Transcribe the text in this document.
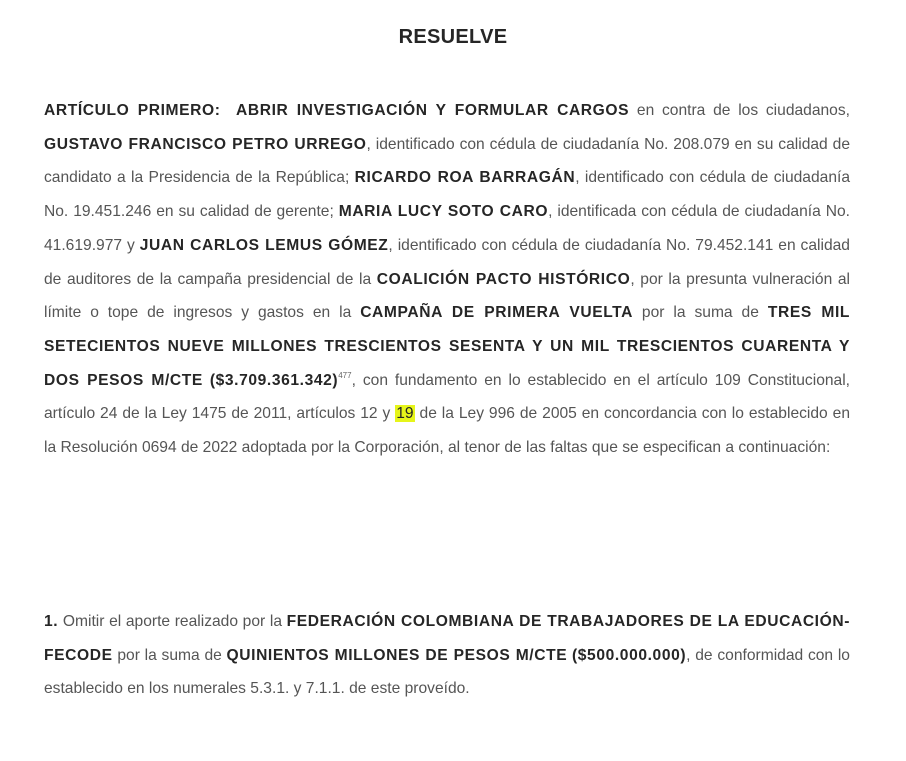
RESUELVE
ARTÍCULO PRIMERO: ABRIR INVESTIGACIÓN Y FORMULAR CARGOS en contra de los ciudadanos, GUSTAVO FRANCISCO PETRO URREGO, identificado con cédula de ciudadanía No. 208.079 en su calidad de candidato a la Presidencia de la República; RICARDO ROA BARRAGÁN, identificado con cédula de ciudadanía No. 19.451.246 en su calidad de gerente; MARIA LUCY SOTO CARO, identificada con cédula de ciudadanía No. 41.619.977 y JUAN CARLOS LEMUS GÓMEZ, identificado con cédula de ciudadanía No. 79.452.141 en calidad de auditores de la campaña presidencial de la COALICIÓN PACTO HISTÓRICO, por la presunta vulneración al límite o tope de ingresos y gastos en la CAMPAÑA DE PRIMERA VUELTA por la suma de TRES MIL SETECIENTOS NUEVE MILLONES TRESCIENTOS SESENTA Y UN MIL TRESCIENTOS CUARENTA Y DOS PESOS M/CTE ($3.709.361.342)$^{477}$, con fundamento en lo establecido en el artículo 109 Constitucional, artículo 24 de la Ley 1475 de 2011, artículos 12 y 19 de la Ley 996 de 2005 en concordancia con lo establecido en la Resolución 0694 de 2022 adoptada por la Corporación, al tenor de las faltas que se especifican a continuación:
1. Omitir el aporte realizado por la FEDERACIÓN COLOMBIANA DE TRABAJADORES DE LA EDUCACIÓN-FECODE por la suma de QUINIENTOS MILLONES DE PESOS M/CTE ($500.000.000), de conformidad con lo establecido en los numerales 5.3.1. y 7.1.1. de este proveído.
